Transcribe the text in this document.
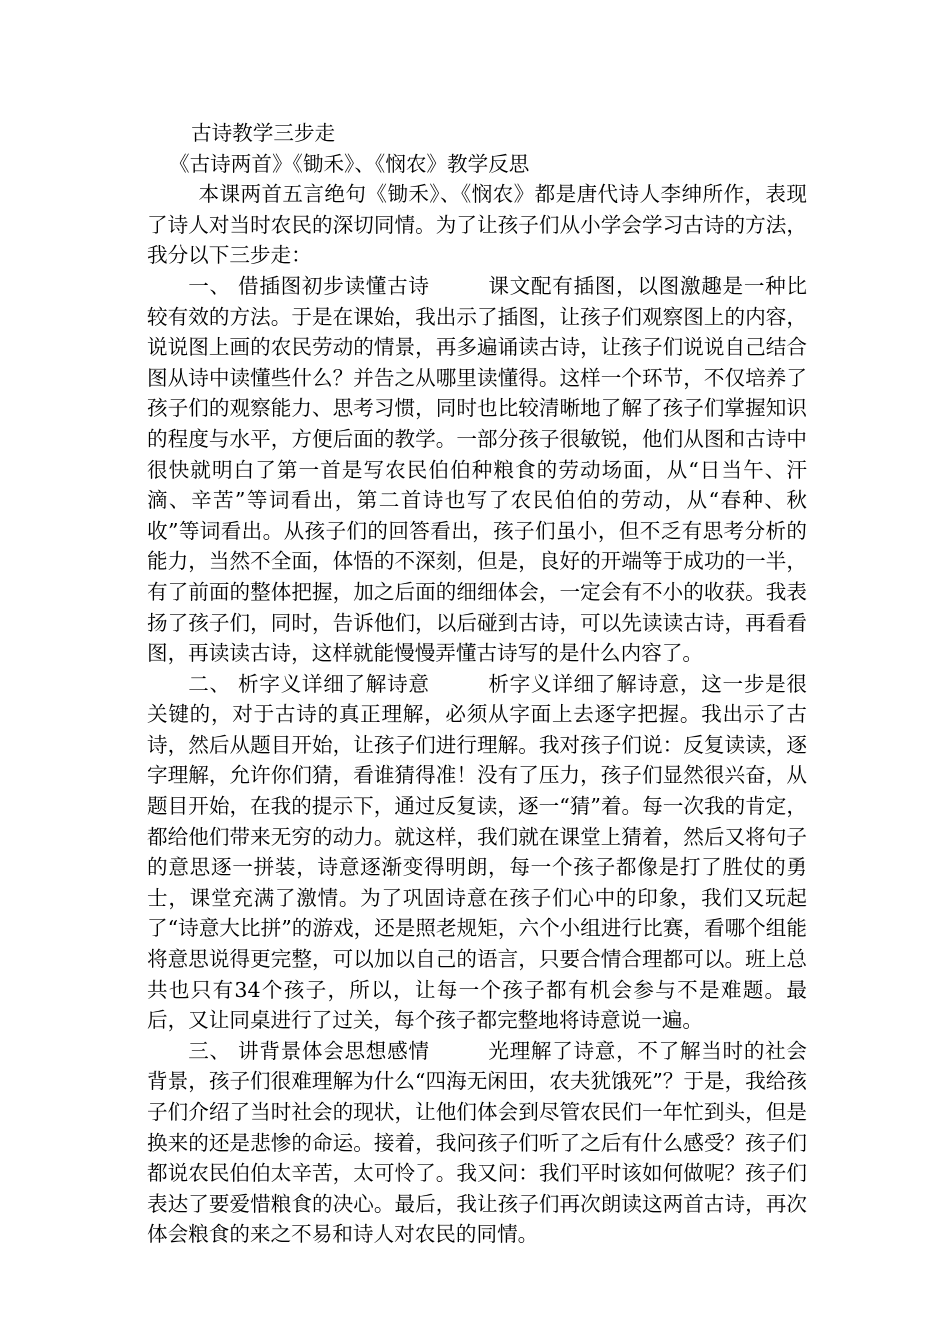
古诗教学三步走
《古诗两首》《锄禾》、《悯农》教学反思

本课两首五言绝句《锄禾》、《悯农》都是唐代诗人李绅所作，表现了诗人对当时农民的深切同情。为了让孩子们从小学会学习古诗的方法，我分以下三步走：

一、 借插图初步读懂古诗	课文配有插图，以图激趣是一种比较有效的方法。于是在课始，我出示了插图，让孩子们观察图上的内容，说说图上画的农民劳动的情景，再多遍诵读古诗，让孩子们说说自己结合图从诗中读懂些什么？并告之从哪里读懂得。这样一个环节，不仅培养了孩子们的观察能力、思考习惯，同时也比较清晰地了解了孩子们掌握知识的程度与水平，方便后面的教学。一部分孩子很敏锐，他们从图和古诗中很快就明白了第一首是写农民伯伯种粮食的劳动场面，从“日当午、汗滴、辛苦”等词看出，第二首诗也写了农民伯伯的劳动，从“春种、秋收”等词看出。从孩子们的回答看出，孩子们虽小，但不乏有思考分析的能力，当然不全面，体悟的不深刻，但是，良好的开端等于成功的一半，有了前面的整体把握，加之后面的细细体会，一定会有不小的收获。我表扬了孩子们，同时，告诉他们，以后碰到古诗，可以先读读古诗，再看看图，再读读古诗，这样就能慢慢弄懂古诗写的是什么内容了。

二、 析字义详细了解诗意	析字义详细了解诗意，这一步是很关键的，对于古诗的真正理解，必须从字面上去逐字把握。我出示了古诗，然后从题目开始，让孩子们进行理解。我对孩子们说：反复读读，逐字理解，允许你们猜，看谁猜得准！没有了压力，孩子们显然很兴奋，从题目开始，在我的提示下，通过反复读，逐一“猜”着。每一次我的肯定，都给他们带来无穷的动力。就这样，我们就在课堂上猜着，然后又将句子的意思逐一拼装，诗意逐渐变得明朗，每一个孩子都像是打了胜仗的勇士，课堂充满了激情。为了巩固诗意在孩子们心中的印象，我们又玩起了“诗意大比拼”的游戏，还是照老规矩，六个小组进行比赛，看哪个组能将意思说得更完整，可以加以自己的语言，只要合情合理都可以。班上总共也只有34个孩子，所以，让每一个孩子都有机会参与不是难题。最后，又让同桌进行了过关，每个孩子都完整地将诗意说一遍。

三、 讲背景体会思想感情	光理解了诗意，不了解当时的社会背景，孩子们很难理解为什么“四海无闲田，农夫犹饿死”？于是，我给孩子们介绍了当时社会的现状，让他们体会到尽管农民们一年忙到头，但是换来的还是悲惨的命运。接着，我问孩子们听了之后有什么感受？孩子们都说农民伯伯太辛苦，太可怜了。我又问：我们平时该如何做呢？孩子们表达了要爱惜粮食的决心。最后，我让孩子们再次朗读这两首古诗，再次体会粮食的来之不易和诗人对农民的同情。
